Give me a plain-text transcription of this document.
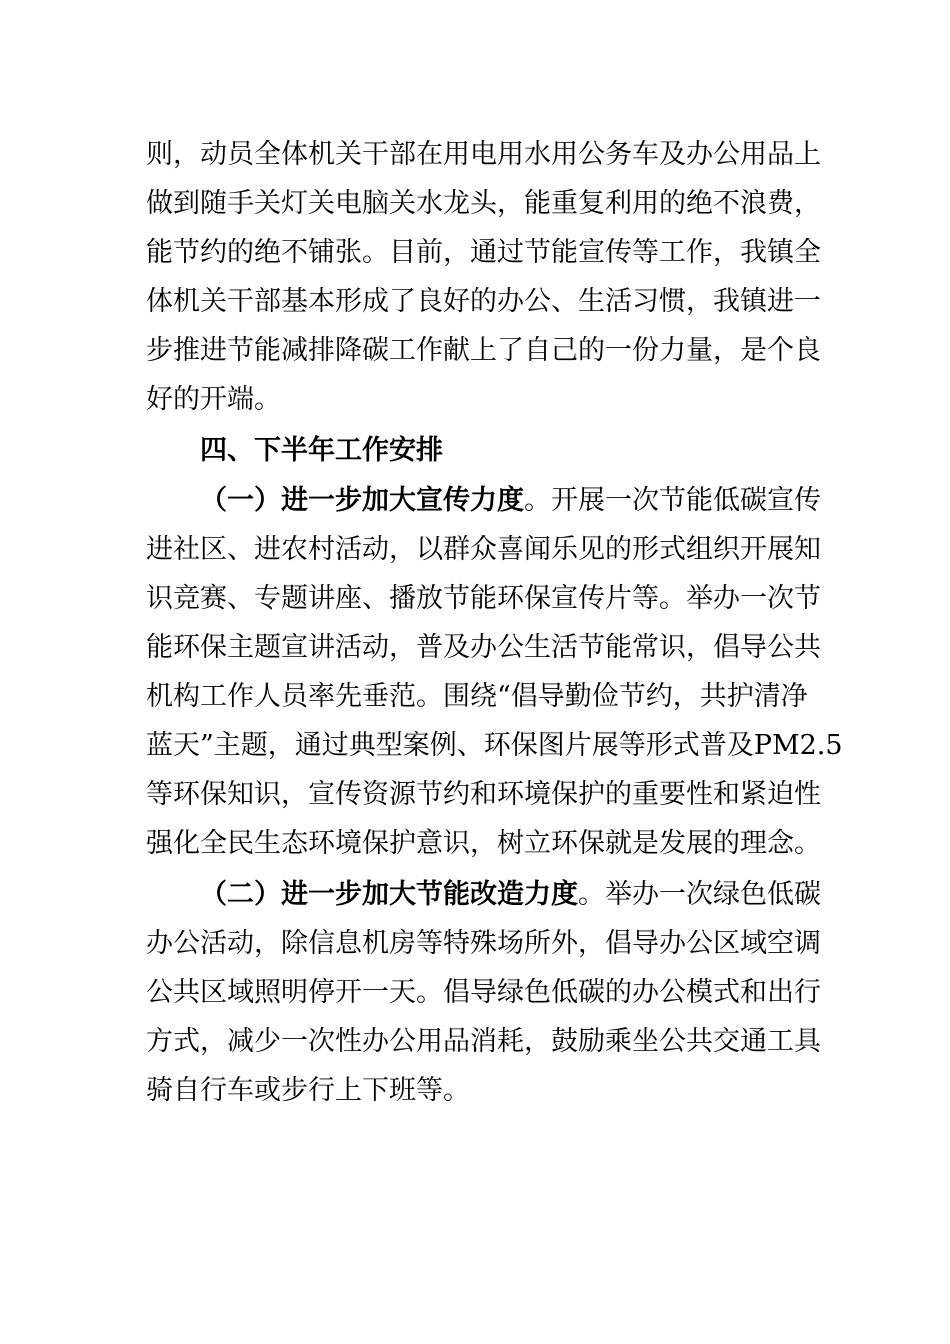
则，动员全体机关干部在用电用水用公务车及办公用品上
做到随手关灯关电脑关水龙头，能重复利用的绝不浪费，
能节约的绝不铺张。目前，通过节能宣传等工作，我镇全
体机关干部基本形成了良好的办公、生活习惯，我镇进一
步推进节能减排降碳工作献上了自己的一份力量，是个良
好的开端。
四、下半年工作安排
（一）进一步加大宣传力度。开展一次节能低碳宣传
进社区、进农村活动，以群众喜闻乐见的形式组织开展知
识竞赛、专题讲座、播放节能环保宣传片等。举办一次节
能环保主题宣讲活动，普及办公生活节能常识，倡导公共
机构工作人员率先垂范。围绕“倡导勤俭节约，共护清净
蓝天”主题，通过典型案例、环保图片展等形式普及PM2.5
等环保知识，宣传资源节约和环境保护的重要性和紧迫性
强化全民生态环境保护意识，树立环保就是发展的理念。
（二）进一步加大节能改造力度。举办一次绿色低碳
办公活动，除信息机房等特殊场所外，倡导办公区域空调
公共区域照明停开一天。倡导绿色低碳的办公模式和出行
方式，减少一次性办公用品消耗，鼓励乘坐公共交通工具
骑自行车或步行上下班等。
